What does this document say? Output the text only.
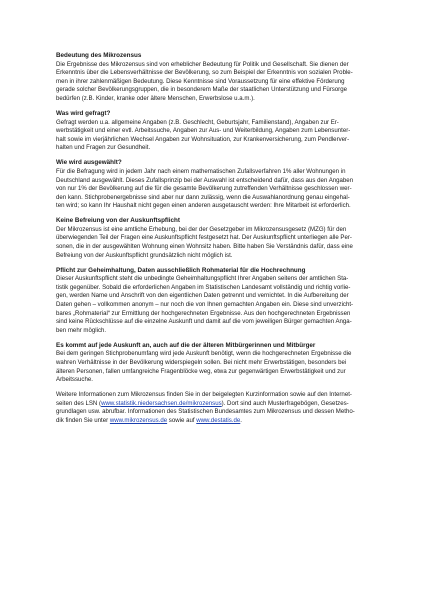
Bedeutung des Mikrozensus
Die Ergebnisse des Mikrozensus sind von erheblicher Bedeutung für Politik und Gesellschaft. Sie dienen der
Erkenntnis über die Lebensverhältnisse der Bevölkerung, so zum Beispiel der Erkenntnis von sozialen Proble-
men in ihrer zahlenmäßigen Bedeutung. Diese Kenntnisse sind Voraussetzung für eine effektive Förderung
gerade solcher Bevölkerungsgruppen, die in besonderem Maße der staatlichen Unterstützung und Fürsorge
bedürfen (z.B. Kinder, kranke oder ältere Menschen, Erwerbslose u.a.m.).
Was wird gefragt?
Gefragt werden u.a. allgemeine Angaben (z.B. Geschlecht, Geburtsjahr, Familienstand), Angaben zur Er-
werbstätigkeit und einer evtl. Arbeitssuche, Angaben zur Aus- und Weiterbildung, Angaben zum Lebensunter-
halt sowie im vierjährlichen Wechsel Angaben zur Wohnsituation, zur Krankenversicherung, zum Pendlerver-
halten und Fragen zur Gesundheit.
Wie wird ausgewählt?
Für die Befragung wird in jedem Jahr nach einem mathematischen Zufallsverfahren 1% aller Wohnungen in
Deutschland ausgewählt. Dieses Zufallsprinzip bei der Auswahl ist entscheidend dafür, dass aus den Angaben
von nur 1% der Bevölkerung auf die für die gesamte Bevölkerung zutreffenden Verhältnisse geschlossen wer-
den kann. Stichprobenergebnisse sind aber nur dann zulässig, wenn die Auswahlanordnung genau eingehal-
ten wird; so kann Ihr Haushalt nicht gegen einen anderen ausgetauscht werden: Ihre Mitarbeit ist erforderlich.
Keine Befreiung von der Auskunftspflicht
Der Mikrozensus ist eine amtliche Erhebung, bei der der Gesetzgeber im Mikrozensusgesetz (MZG) für den
überwiegenden Teil der Fragen eine Auskunftspflicht festgesetzt hat. Der Auskunftspflicht unterliegen alle Per-
sonen, die in der ausgewählten Wohnung einen Wohnsitz haben. Bitte haben Sie Verständnis dafür, dass eine
Befreiung von der Auskunftspflicht grundsätzlich nicht möglich ist.
Pflicht zur Geheimhaltung, Daten ausschließlich Rohmaterial für die Hochrechnung
Dieser Auskunftspflicht steht die unbedingte Geheimhaltungspflicht Ihrer Angaben seitens der amtlichen Sta-
tistik gegenüber. Sobald die erforderlichen Angaben im Statistischen Landesamt vollständig und richtig vorlie-
gen, werden Name und Anschrift von den eigentlichen Daten getrennt und vernichtet. In die Aufbereitung der
Daten gehen – vollkommen anonym – nur noch die von Ihnen gemachten Angaben ein. Diese sind unverzicht-
bares „Rohmaterial“ zur Ermittlung der hochgerechneten Ergebnisse. Aus den hochgerechneten Ergebnissen
sind keine Rückschlüsse auf die einzelne Auskunft und damit auf die vom jeweiligen Bürger gemachten Anga-
ben mehr möglich.
Es kommt auf jede Auskunft an, auch auf die der älteren Mitbürgerinnen und Mitbürger
Bei dem geringen Stichprobenumfang wird jede Auskunft benötigt, wenn die hochgerechneten Ergebnisse die
wahren Verhältnisse in der Bevölkerung widerspiegeln sollen. Bei nicht mehr Erwerbstätigen, besonders bei
älteren Personen, fallen umfangreiche Fragenblöcke weg, etwa zur gegenwärtigen Erwerbstätigkeit und zur
Arbeitssuche.
Weitere Informationen zum Mikrozensus finden Sie in der beigelegten Kurzinformation sowie auf den Internet-
seiten des LSN (www.statistik.niedersachsen.de/mikrozensus). Dort sind auch Musterfragebögen, Gesetzes-
grundlagen usw. abrufbar. Informationen des Statistischen Bundesamtes zum Mikrozensus und dessen Metho-
dik finden Sie unter www.mikrozensus.de sowie auf www.destatis.de.
